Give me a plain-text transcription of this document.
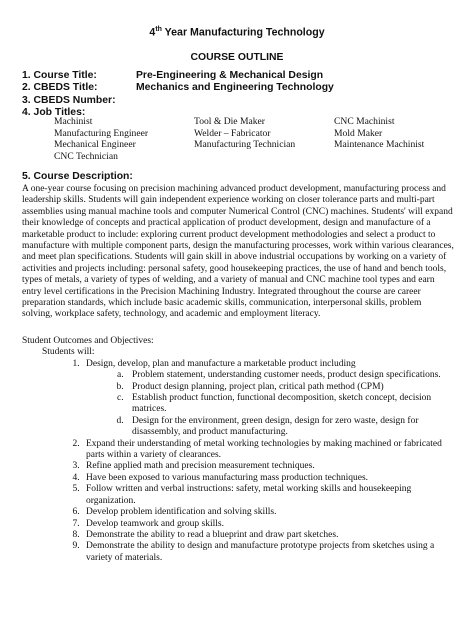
4th Year Manufacturing Technology
COURSE OUTLINE
1. Course Title:	Pre-Engineering & Mechanical Design
2. CBEDS Title:	Mechanics and Engineering Technology
3. CBEDS Number:
4. Job Titles:
Machinist	Tool & Die Maker	CNC Machinist
Manufacturing Engineer	Welder – Fabricator	Mold Maker
Mechanical Engineer	Manufacturing Technician	Maintenance Machinist
CNC Technician		
5. Course Description:
A one-year course focusing on precision machining advanced product development, manufacturing process and leadership skills. Students will gain independent experience working on closer tolerance parts and multi-part assemblies using manual machine tools and computer Numerical Control (CNC) machines. Students' will expand their knowledge of concepts and practical application of product development, design and manufacture of a marketable product to include: exploring current product development methodologies and select a product to manufacture with multiple component parts, design the manufacturing processes, work within various clearances, and meet plan specifications. Students will gain skill in above industrial occupations by working on a variety of activities and projects including: personal safety, good housekeeping practices, the use of hand and bench tools, types of metals, a variety of types of welding, and a variety of manual and CNC machine tool types and earn entry level certifications in the Precision Machining Industry. Integrated throughout the course are career preparation standards, which include basic academic skills, communication, interpersonal skills, problem solving, workplace safety, technology, and academic and employment literacy.
Student Outcomes and Objectives:
Students will:
1. Design, develop, plan and manufacture a marketable product including
a. Problem statement, understanding customer needs, product design specifications.
b. Product design planning, project plan, critical path method (CPM)
c. Establish product function, functional decomposition, sketch concept, decision matrices.
d. Design for the environment, green design, design for zero waste, design for disassembly, and product manufacturing.
2. Expand their understanding of metal working technologies by making machined or fabricated parts within a variety of clearances.
3. Refine applied math and precision measurement techniques.
4. Have been exposed to various manufacturing mass production techniques.
5. Follow written and verbal instructions: safety, metal working skills and housekeeping organization.
6. Develop problem identification and solving skills.
7. Develop teamwork and group skills.
8. Demonstrate the ability to read a blueprint and draw part sketches.
9. Demonstrate the ability to design and manufacture prototype projects from sketches using a variety of materials.
